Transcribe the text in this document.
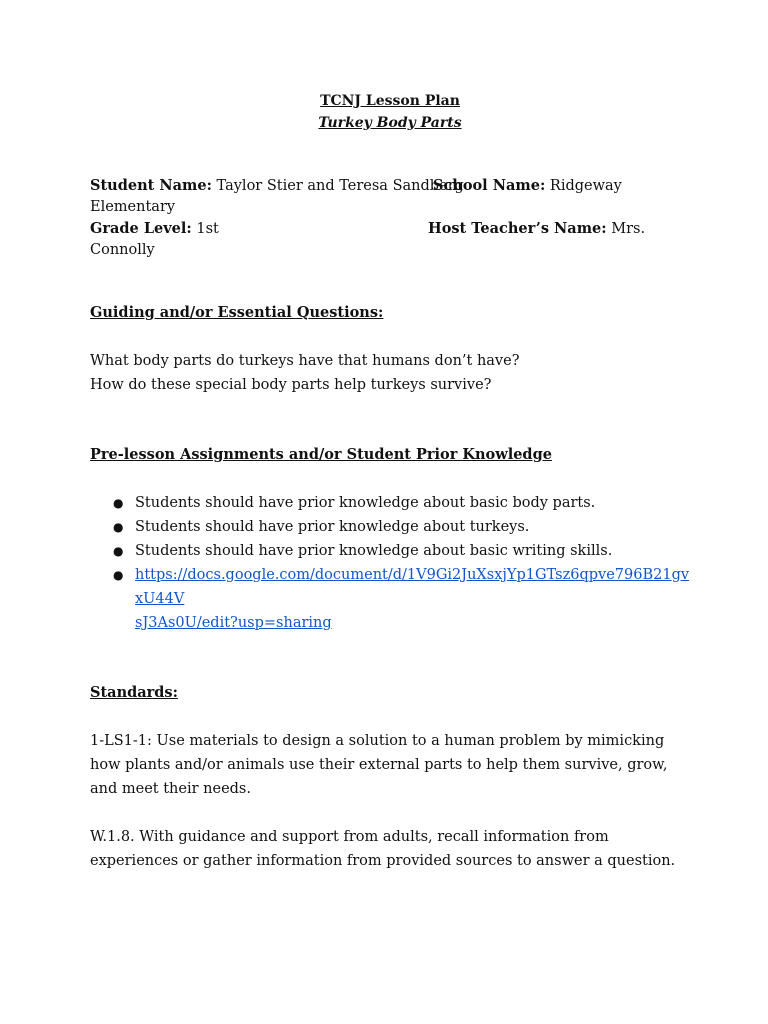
TCNJ Lesson Plan
Turkey Body Parts
Student Name: Taylor Stier and Teresa Sandberg
School Name: Ridgeway
Elementary
Grade Level: 1st	Host Teacher’s Name: Mrs.
Connolly
Guiding and/or Essential Questions:
What body parts do turkeys have that humans don’t have?
How do these special body parts help turkeys survive?
Pre-lesson Assignments and/or Student Prior Knowledge
● Students should have prior knowledge about basic body parts.
● Students should have prior knowledge about turkeys.
● Students should have prior knowledge about basic writing skills.
● https://docs.google.com/document/d/1V9Gi2JuXsxjYp1GTsz6qpve796B21gvxU44V
sJ3As0U/edit?usp=sharing
Standards:
1-LS1-1: Use materials to design a solution to a human problem by mimicking how plants and/or animals use their external parts to help them survive, grow, and meet their needs.
W.1.8. With guidance and support from adults, recall information from experiences or gather information from provided sources to answer a question.
